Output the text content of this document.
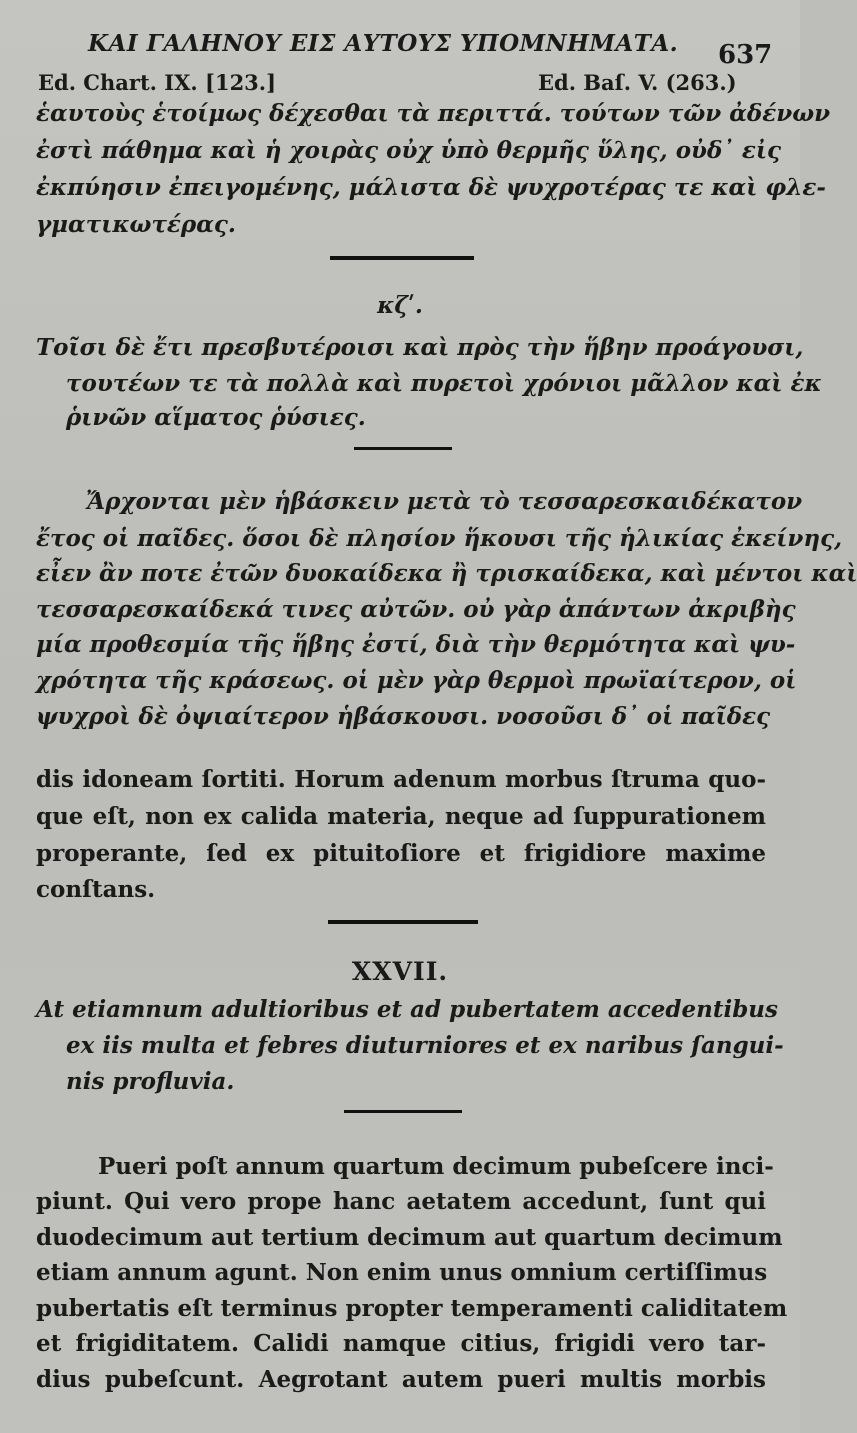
ΚΑΙ ΓΑΛΗΝΟΥ ΕΙΣ ΑΥΤΟΥΣ ΥΠΟΜΝΗΜΑΤΑ. 637
Ed. Chart. IX. [123.]	Ed. Baſ. V. (263.)
ἑαυτοὺς ἑτοίμως δέχεσθαι τὰ περιττά. τούτων τῶν ἀδένων
ἐστὶ πάθημα καὶ ἡ χοιρὰς οὐχ ὑπὸ θερμῆς ὕλης, οὐδ᾽ εἰς
ἐκπύησιν ἐπειγομένης, μάλιστα δὲ ψυχροτέρας τε καὶ φλε-
γματικωτέρας.
κζʹ.
Τοῖσι δὲ ἔτι πρεσβυτέροισι καὶ πρὸς τὴν ἥβην προάγουσι,
τουτέων τε τὰ πολλὰ καὶ πυρετοὶ χρόνιοι μᾶλλον καὶ ἐκ
ῥινῶν αἵματος ῥύσιες.
Ἄρχονται μὲν ἡβάσκειν μετὰ τὸ τεσσαρεσκαιδέκατον
ἔτος οἱ παῖδες. ὅσοι δὲ πλησίον ἥκουσι τῆς ἡλικίας ἐκείνης,
εἶεν ἂν ποτε ἐτῶν δυοκαίδεκα ἢ τρισκαίδεκα, καὶ μέντοι καὶ
τεσσαρεσκαίδεκά τινες αὐτῶν. οὐ γὰρ ἁπάντων ἀκριβὴς
μία προθεσμία τῆς ἥβης ἐστί, διὰ τὴν θερμότητα καὶ ψυ-
χρότητα τῆς κράσεως. οἱ μὲν γὰρ θερμοὶ πρωϊαίτερον, οἱ
ψυχροὶ δὲ ὀψιαίτερον ἡβάσκουσι. νοσοῦσι δ᾽ οἱ παῖδες
dis idoneam ſortiti. Horum adenum morbus ſtruma quo-
que eſt, non ex calida materia, neque ad ſuppurationem
properante, ſed ex pituitoſiore et frigidiore maxime
conſtans.
XXVII.
At etiamnum adultioribus et ad pubertatem accedentibus
ex iis multa et febres diuturniores et ex naribus ſangui-
nis profluvia.
Pueri poſt annum quartum decimum pubeſcere inci-
piunt. Qui vero prope hanc aetatem accedunt, ſunt qui
duodecimum aut tertium decimum aut quartum decimum
etiam annum agunt. Non enim unus omnium certiſſimus
pubertatis eſt terminus propter temperamenti caliditatem
et frigiditatem. Calidi namque citius, frigidi vero tar-
dius pubeſcunt. Aegrotant autem pueri multis morbis
